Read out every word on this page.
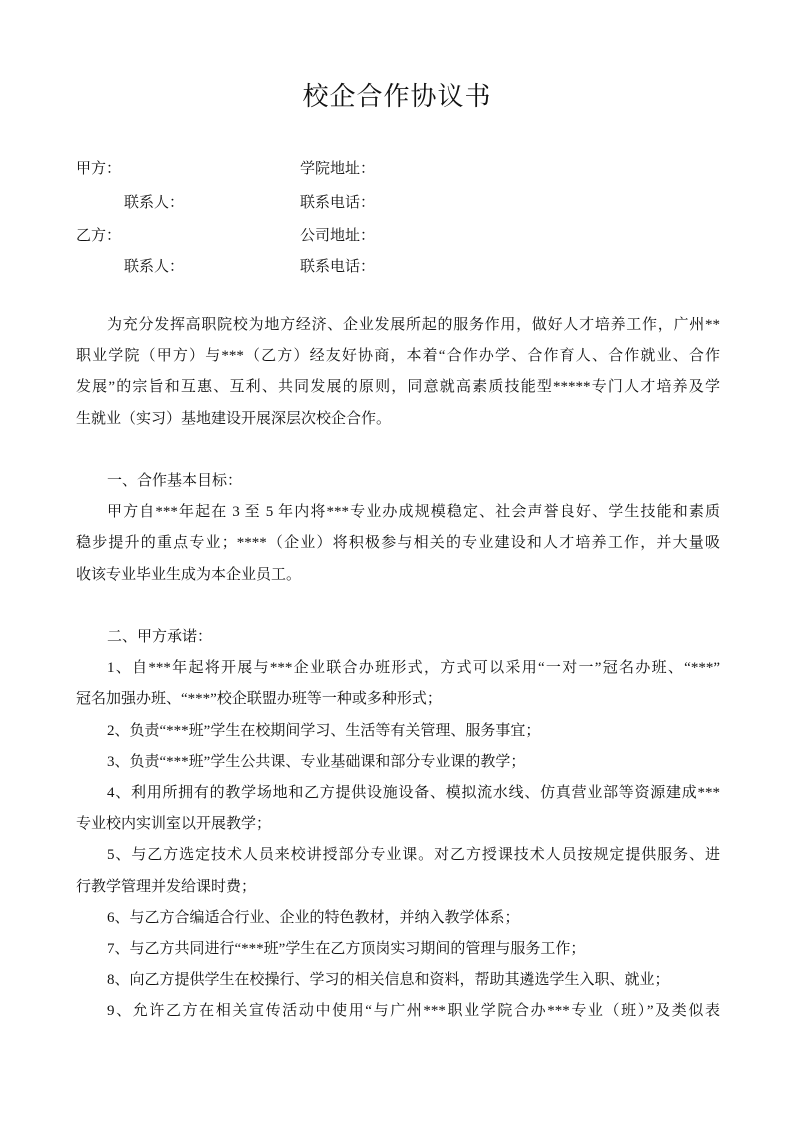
校企合作协议书
甲方：	学院地址：
联系人：	联系电话：
乙方：	公司地址：
联系人：	联系电话：
为充分发挥高职院校为地方经济、企业发展所起的服务作用，做好人才培养工作，广州**
职业学院（甲方）与***（乙方）经友好协商，本着“合作办学、合作育人、合作就业、合作
发展”的宗旨和互惠、互利、共同发展的原则，同意就高素质技能型*****专门人才培养及学
生就业（实习）基地建设开展深层次校企合作。
一、合作基本目标：
甲方自***年起在 3 至 5 年内将***专业办成规模稳定、社会声誉良好、学生技能和素质
稳步提升的重点专业；****（企业）将积极参与相关的专业建设和人才培养工作，并大量吸
收该专业毕业生成为本企业员工。
二、甲方承诺：
1、自***年起将开展与***企业联合办班形式，方式可以采用“一对一”冠名办班、“***”
冠名加强办班、“***”校企联盟办班等一种或多种形式；
2、负责“***班”学生在校期间学习、生活等有关管理、服务事宜；
3、负责“***班”学生公共课、专业基础课和部分专业课的教学；
4、利用所拥有的教学场地和乙方提供设施设备、模拟流水线、仿真营业部等资源建成***
专业校内实训室以开展教学；
5、与乙方选定技术人员来校讲授部分专业课。对乙方授课技术人员按规定提供服务、进
行教学管理并发给课时费；
6、与乙方合编适合行业、企业的特色教材，并纳入教学体系；
7、与乙方共同进行“***班”学生在乙方顶岗实习期间的管理与服务工作；
8、向乙方提供学生在校操行、学习的相关信息和资料，帮助其遴选学生入职、就业；
9、允许乙方在相关宣传活动中使用“与广州***职业学院合办***专业（班）”及类似表
